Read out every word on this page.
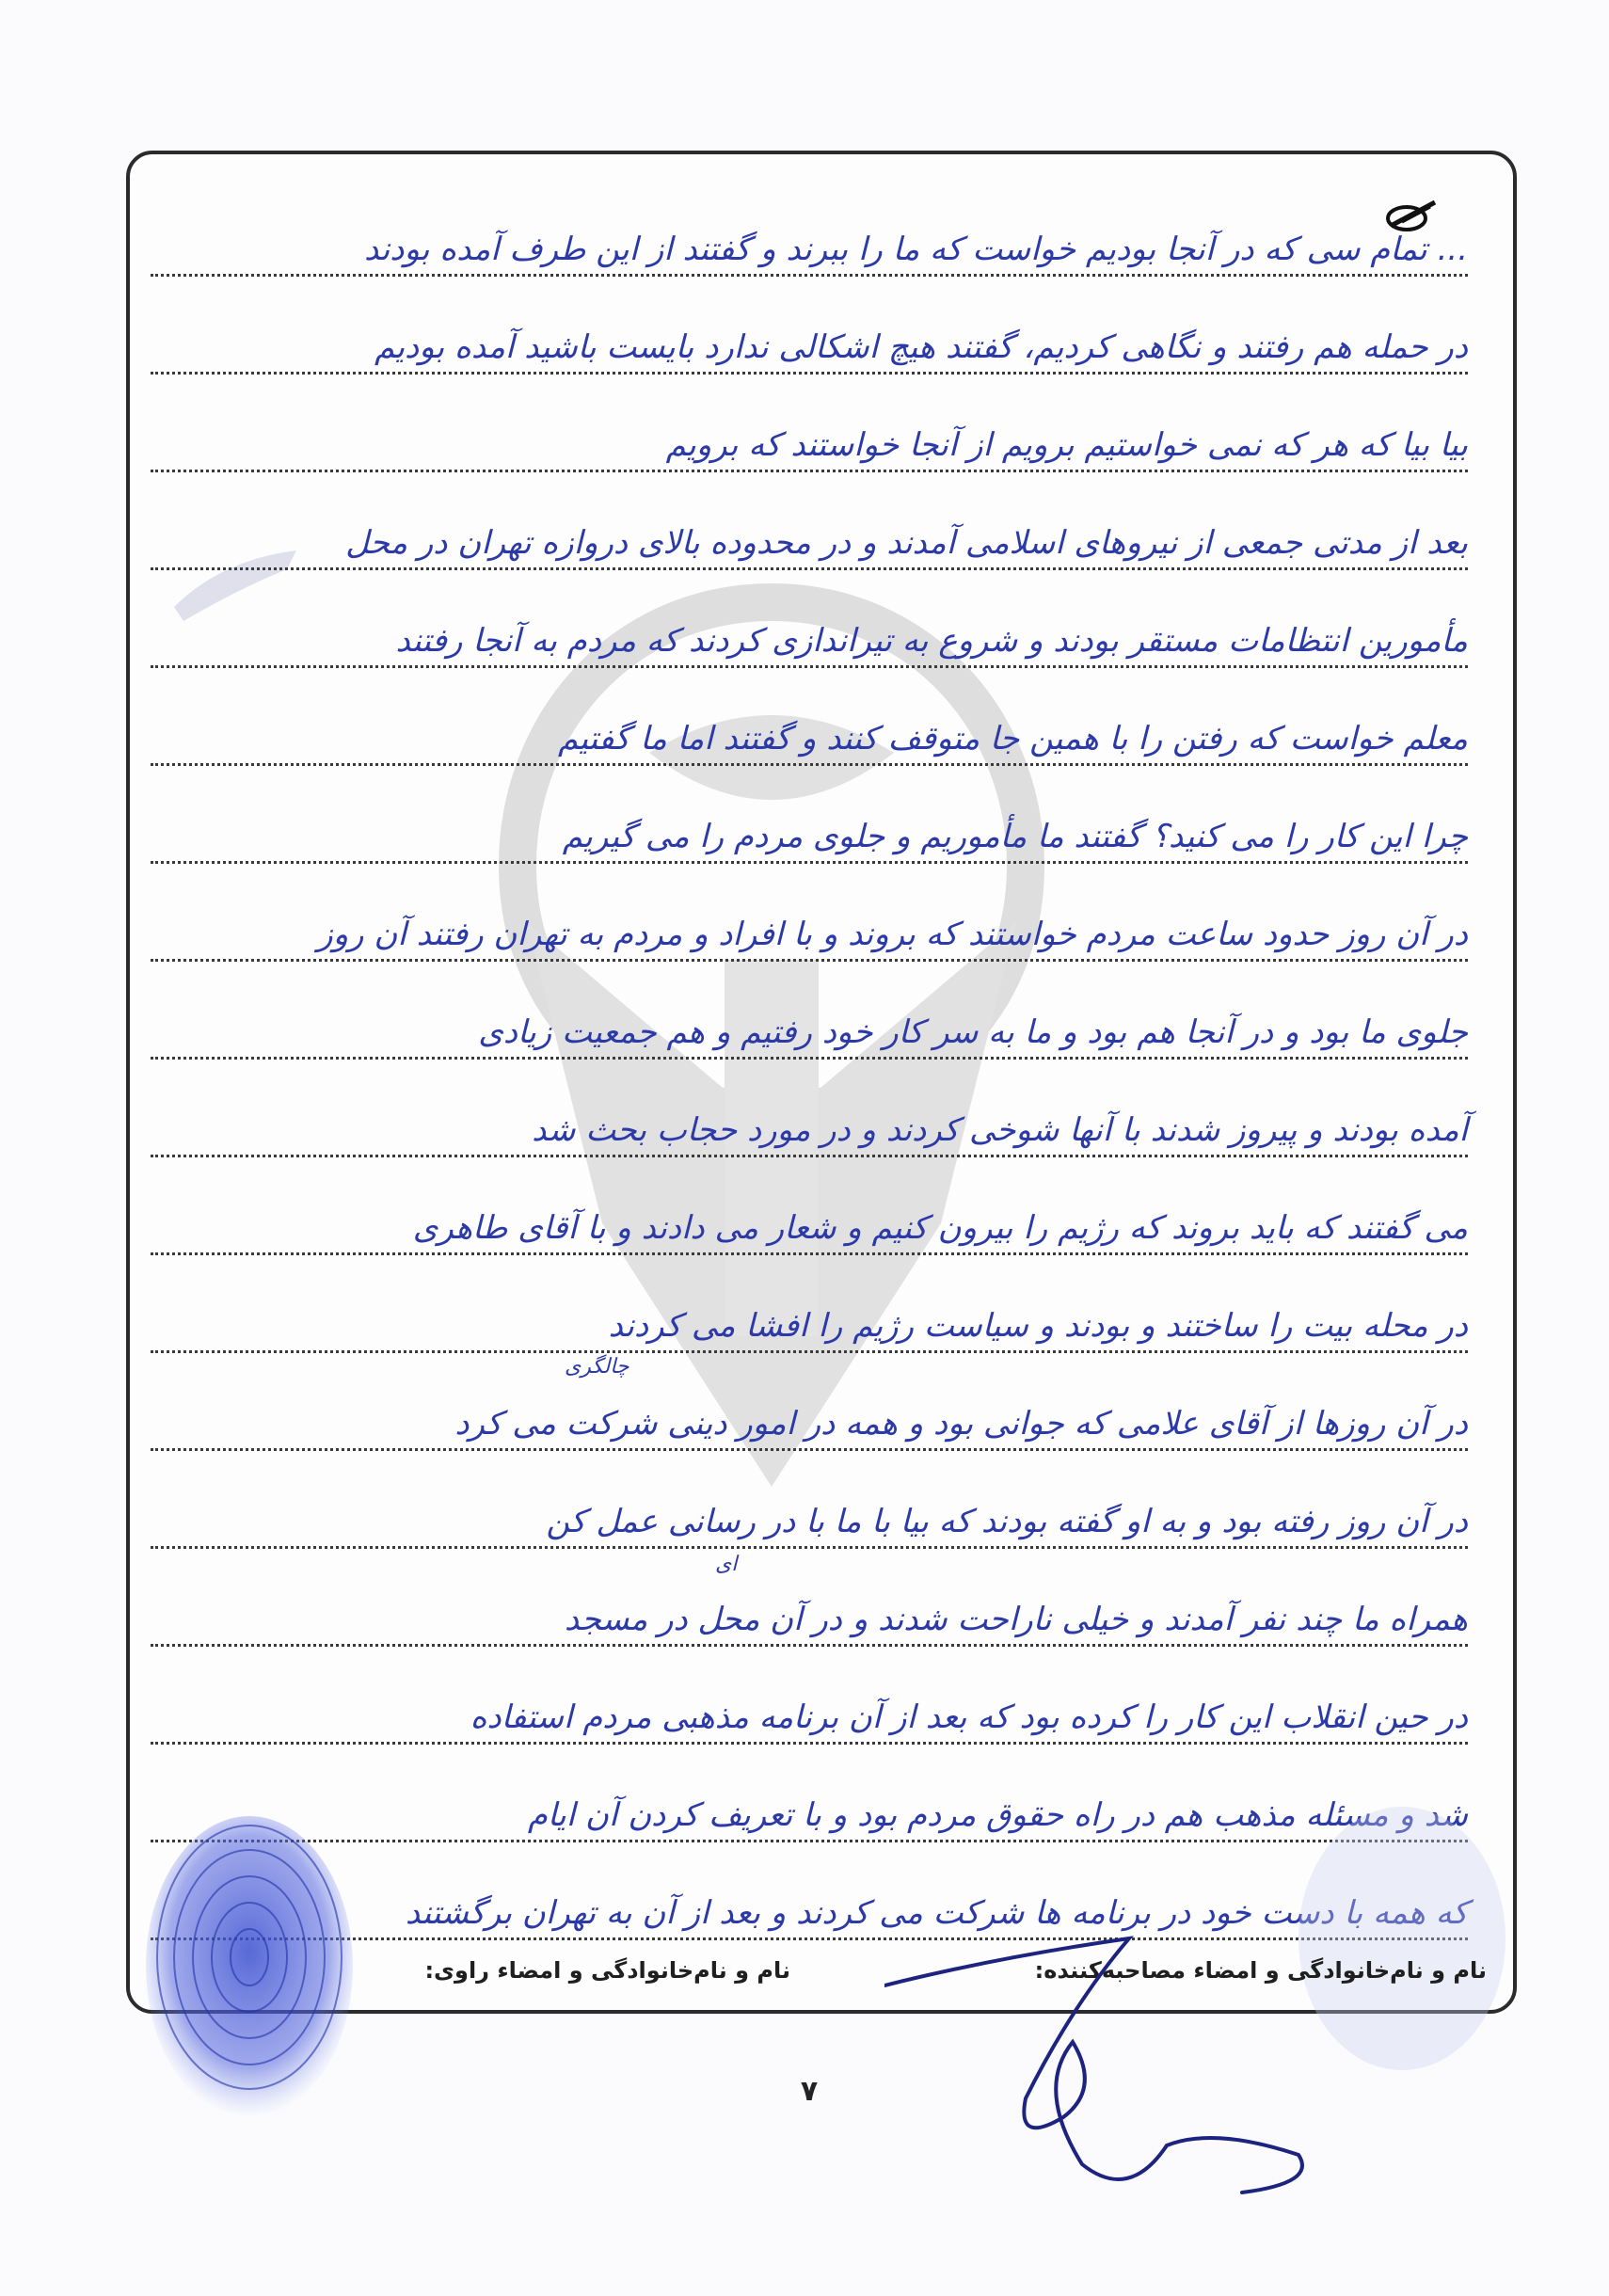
... تمام سی که در آنجا بودیم خواست که ما را ببرند و گفتند از این طرف آمده بودند
در حمله هم رفتند و نگاهی کردیم، گفتند هیچ اشکالی ندارد بایست باشید آمده بودیم
بیا بیا که هر که نمی خواستیم برویم از آنجا خواستند که برویم
بعد از مدتی جمعی از نیروهای اسلامی آمدند و در محدوده بالای دروازه تهران در محل
مأمورین انتظامات مستقر بودند و شروع به تیراندازی کردند که مردم به آنجا رفتند
معلم خواست که رفتن را با همین جا متوقف کنند و گفتند اما ما گفتیم
چرا این کار را می کنید؟ گفتند ما مأموریم و جلوی مردم را می گیریم
در آن روز حدود ساعت مردم خواستند که بروند و با افراد و مردم به تهران رفتند آن روز
جلوی ما بود و در آنجا هم بود و ما به سر کار خود رفتیم و هم جمعیت زیادی
آمده بودند و پیروز شدند با آنها شوخی کردند و در مورد حجاب بحث شد
می گفتند که باید بروند که رژیم را بیرون کنیم و شعار می دادند و با آقای طاهری
در محله بیت را ساختند و بودند و سیاست رژیم را افشا می کردند
در آن روزها از آقای علامی که جوانی بود و همه در امور دینی شرکت می کرد
در آن روز رفته بود و به او گفته بودند که بیا با ما با در رسانی عمل کن
همراه ما چند نفر آمدند و خیلی ناراحت شدند و در آن محل در مسجد
در حین انقلاب این کار را کرده بود که بعد از آن برنامه مذهبی مردم استفاده
شد و مسئله مذهب هم در راه حقوق مردم بود و با تعریف کردن آن ایام
که همه با دست خود در برنامه ها شرکت می کردند و بعد از آن به تهران برگشتند
نام و نام‌خانوادگی و امضاء مصاحبه‌کننده:
نام و نام‌خانوادگی و امضاء راوی:
۷
چالگری
ای
